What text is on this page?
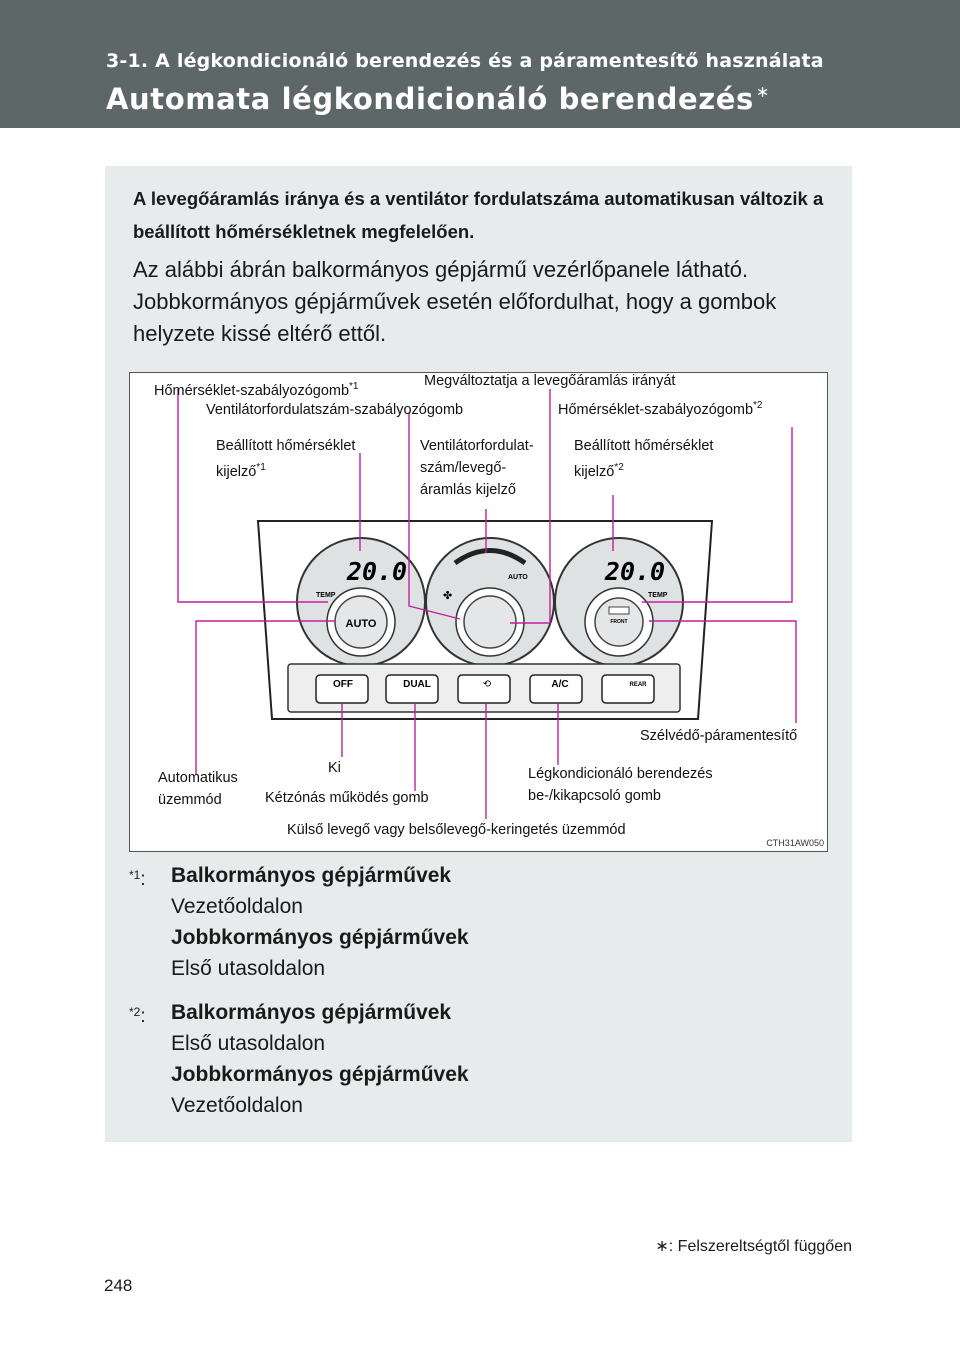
3-1. A légkondicionáló berendezés és a páramentesítő használata
Automata légkondicionáló berendezés ∗
A levegőáramlás iránya és a ventilátor fordulatszáma automatikusan változik a beállított hőmérsékletnek megfelelően.
Az alábbi ábrán balkormányos gépjármű vezérlőpanele látható. Jobbkormányos gépjárművek esetén előfordulhat, hogy a gombok helyzete kissé eltérő ettől.
AUTO
20.0
TEMP
AUTO
✤
FRONT
20.0
TEMP
OFF	DUAL	⟲	A/C	REAR
Hőmérséklet-szabályozógomb$^{*1}$	Megváltoztatja a levegőáramlás irányát
Ventilátorfordulatszám-szabályozógomb	Hőmérséklet-szabályozógomb$^{*2}$
Beállított hőmérséklet
kijelző$^{*1}$
Ventilátorfordulat-
szám/levegő-
áramlás kijelző
Beállított hőmérséklet
kijelző$^{*2}$
Szélvédő-páramentesítő
Ki
Automatikus
üzemmód
Légkondicionáló berendezés
be-/kikapcsoló gomb
Kétzónás működés gomb
Külső levegő vagy belsőlevegő-keringetés üzemmód
CTH31AW050
$^{*1}$: Balkormányos gépjárművek
Vezetőoldalon
Jobbkormányos gépjárművek
Első utasoldalon
$^{*2}$: Balkormányos gépjárművek
Első utasoldalon
Jobbkormányos gépjárművek
Vezetőoldalon
∗: Felszereltségtől függően
248
